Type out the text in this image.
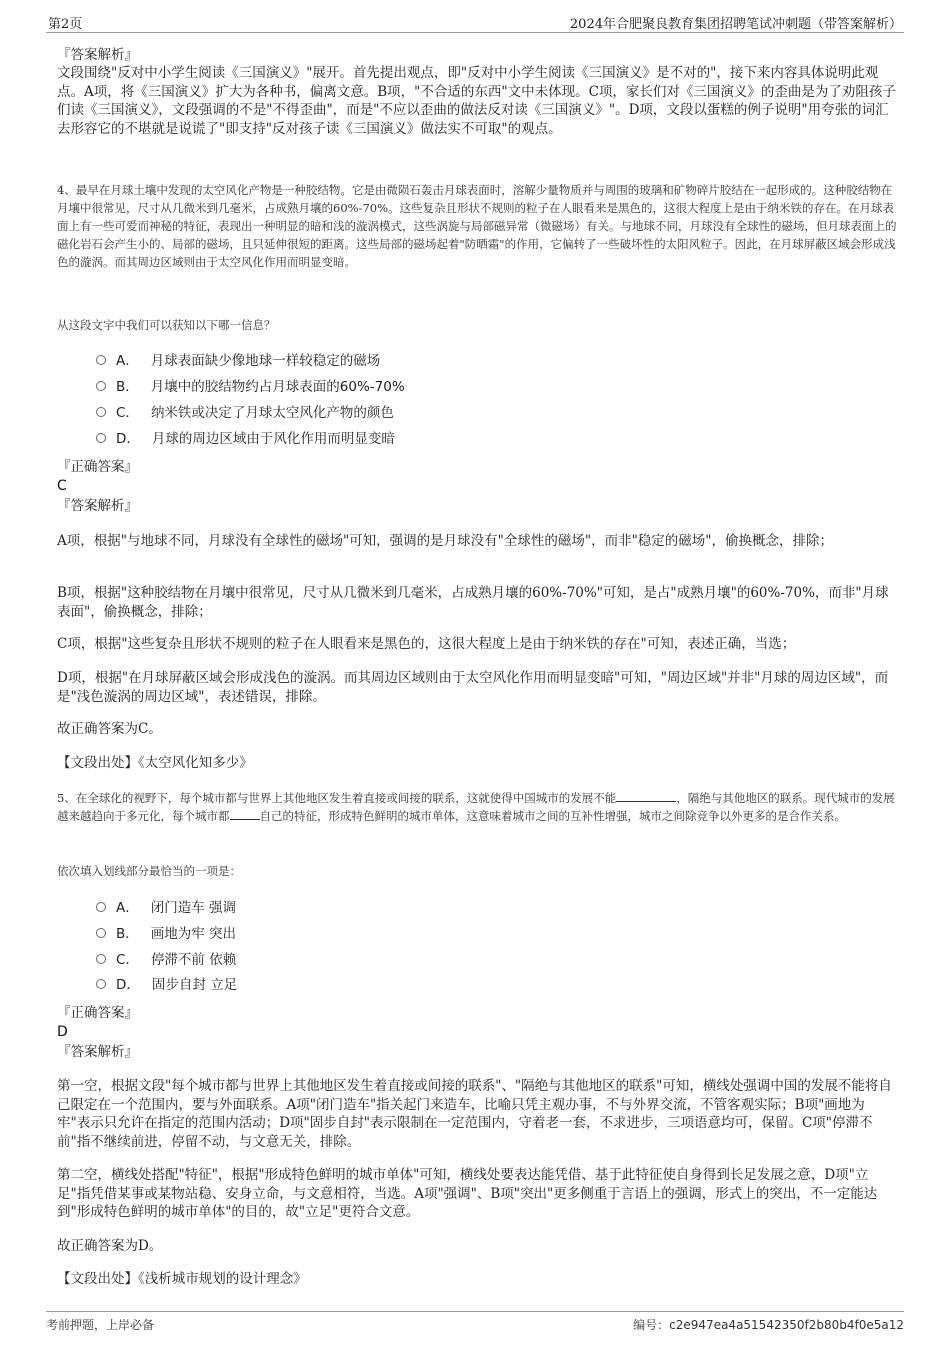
第2页	2024年合肥聚良教育集团招聘笔试冲刺题（带答案解析）
『答案解析』
文段围绕"反对中小学生阅读《三国演义》"展开。首先提出观点，即"反对中小学生阅读《三国演义》是不对的"，接下来内容具体说明此观点。A项，将《三国演义》扩大为各种书，偏离文意。B项，"不合适的东西"文中未体现。C项，家长们对《三国演义》的歪曲是为了劝阻孩子们读《三国演义》，文段强调的不是"不得歪曲"，而是"不应以歪曲的做法反对读《三国演义》"。D项，文段以蛋糕的例子说明"用夸张的词汇去形容它的不堪就是说谎了"即支持"反对孩子读《三国演义》做法实不可取"的观点。
4、最早在月球土壤中发现的太空风化产物是一种胶结物。它是由微陨石轰击月球表面时，溶解少量物质并与周围的玻璃和矿物碎片胶结在一起形成的。这种胶结物在月壤中很常见，尺寸从几微米到几毫米，占成熟月壤的60%-70%。这些复杂且形状不规则的粒子在人眼看来是黑色的，这很大程度上是由于纳米铁的存在。在月球表面上有一些可爱而神秘的特征，表现出一种明显的暗和浅的漩涡模式，这些涡旋与局部磁异常（微磁场）有关。与地球不同，月球没有全球性的磁场，但月球表面上的磁化岩石会产生小的、局部的磁场，且只延伸很短的距离。这些局部的磁场起着"防晒霜"的作用，它偏转了一些破坏性的太阳风粒子。因此，在月球屏蔽区域会形成浅色的漩涡。而其周边区域则由于太空风化作用而明显变暗。
从这段文字中我们可以获知以下哪一信息？
A． 月球表面缺少像地球一样较稳定的磁场
B． 月壤中的胶结物约占月球表面的60%-70%
C． 纳米铁或决定了月球太空风化产物的颜色
D． 月球的周边区域由于风化作用而明显变暗
『正确答案』
C
『答案解析』
A项，根据"与地球不同，月球没有全球性的磁场"可知，强调的是月球没有"全球性的磁场"，而非"稳定的磁场"，偷换概念，排除；
B项，根据"这种胶结物在月壤中很常见，尺寸从几微米到几毫米，占成熟月壤的60%-70%"可知，是占"成熟月壤"的60%-70%，而非"月球表面"，偷换概念，排除；
C项，根据"这些复杂且形状不规则的粒子在人眼看来是黑色的，这很大程度上是由于纳米铁的存在"可知，表述正确，当选；
D项，根据"在月球屏蔽区域会形成浅色的漩涡。而其周边区域则由于太空风化作用而明显变暗"可知，"周边区域"并非"月球的周边区域"，而是"浅色漩涡的周边区域"，表述错误，排除。
故正确答案为C。
【文段出处】《太空风化知多少》
5、在全球化的视野下，每个城市都与世界上其他地区发生着直接或间接的联系，这就使得中国城市的发展不能	，隔绝与其他地区的联系。现代城市的发展越来越趋向于多元化，每个城市都	自己的特征，形成特色鲜明的城市单体，这意味着城市之间的互补性增强，城市之间除竞争以外更多的是合作关系。
依次填入划线部分最恰当的一项是：
A． 闭门造车 强调
B． 画地为牢 突出
C． 停滞不前 依赖
D． 固步自封 立足
『正确答案』
D
『答案解析』
第一空，根据文段"每个城市都与世界上其他地区发生着直接或间接的联系"、"隔绝与其他地区的联系"可知，横线处强调中国的发展不能将自己限定在一个范围内，要与外面联系。A项"闭门造车"指关起门来造车，比喻只凭主观办事，不与外界交流，不管客观实际；B项"画地为牢"表示只允许在指定的范围内活动；D项"固步自封"表示限制在一定范围内，守着老一套，不求进步，三项语意均可，保留。C项"停滞不前"指不继续前进，停留不动，与文意无关，排除。
第二空，横线处搭配"特征"，根据"形成特色鲜明的城市单体"可知，横线处要表达能凭借、基于此特征使自身得到长足发展之意，D项"立足"指凭借某事或某物站稳、安身立命，与文意相符，当选。A项"强调"、B项"突出"更多侧重于言语上的强调，形式上的突出，不一定能达到"形成特色鲜明的城市单体"的目的，故"立足"更符合文意。
故正确答案为D。
【文段出处】《浅析城市规划的设计理念》
考前押题，上岸必备	编号：c2e947ea4a51542350f2b80b4f0e5a12
